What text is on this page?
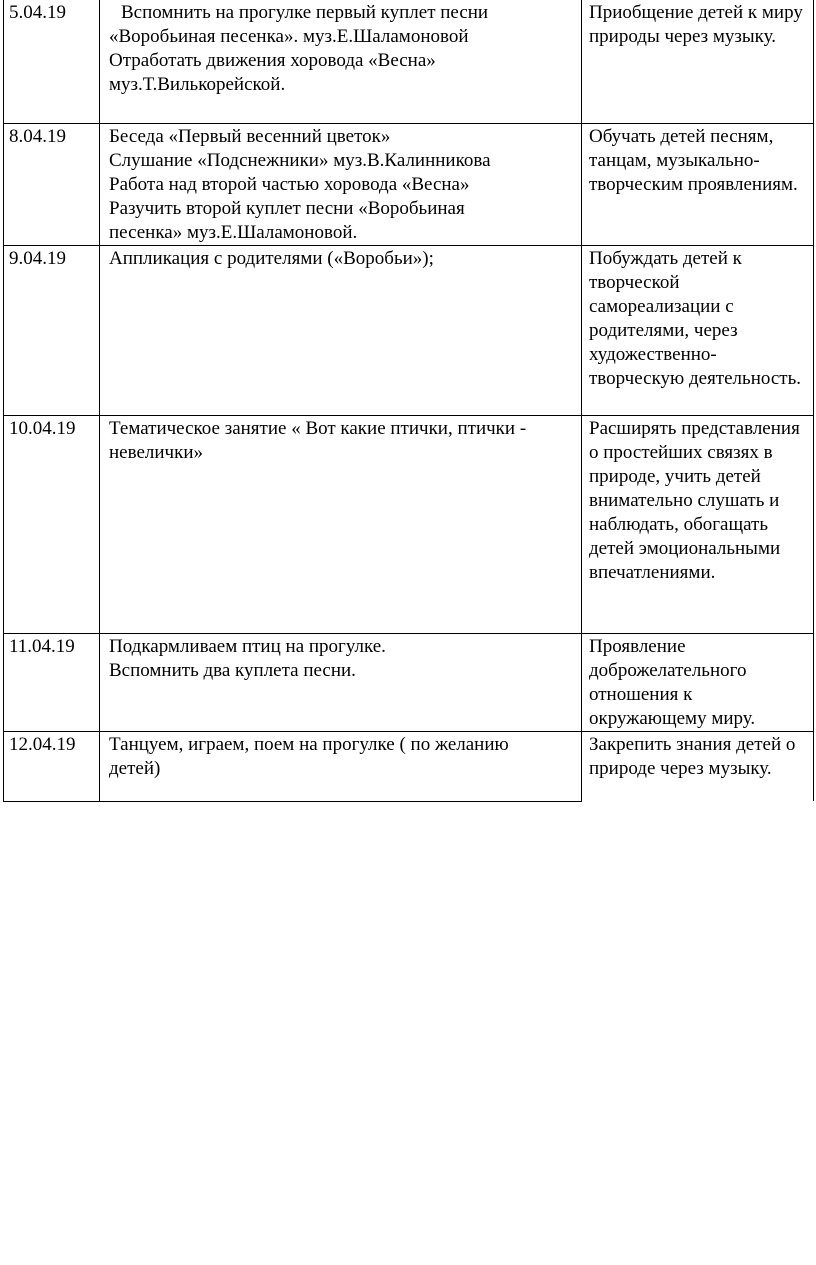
5.04.19	Вспомнить на прогулке первый куплет песни
«Воробьиная песенка». муз.Е.Шаламоновой
Отработать движения хоровода «Весна»
муз.Т.Вилькорейской.	Приобщение детей к миру природы через музыку.

8.04.19	Беседа «Первый весенний цветок»
Слушание «Подснежники» муз.В.Калинникова
Работа над второй частью хоровода «Весна»
Разучить второй куплет песни «Воробьиная
песенка» муз.Е.Шаламоновой.	Обучать детей песням, танцам, музыкально-творческим проявлениям.

9.04.19	Аппликация с родителями («Воробьи»);	Побуждать детей к творческой самореализации с родителями, через художественно-творческую деятельность.

10.04.19	Тематическое занятие « Вот какие птички, птички -
невелички»	Расширять представления о простейших связях в природе, учить детей внимательно слушать и наблюдать, обогащать детей эмоциональными впечатлениями.

11.04.19	Подкармливаем птиц на прогулке.
Вспомнить два куплета песни.	Проявление доброжелательного отношения к окружающему миру.

12.04.19	Танцуем, играем, поем на прогулке ( по желанию
детей)	Закрепить знания детей о природе через музыку.
